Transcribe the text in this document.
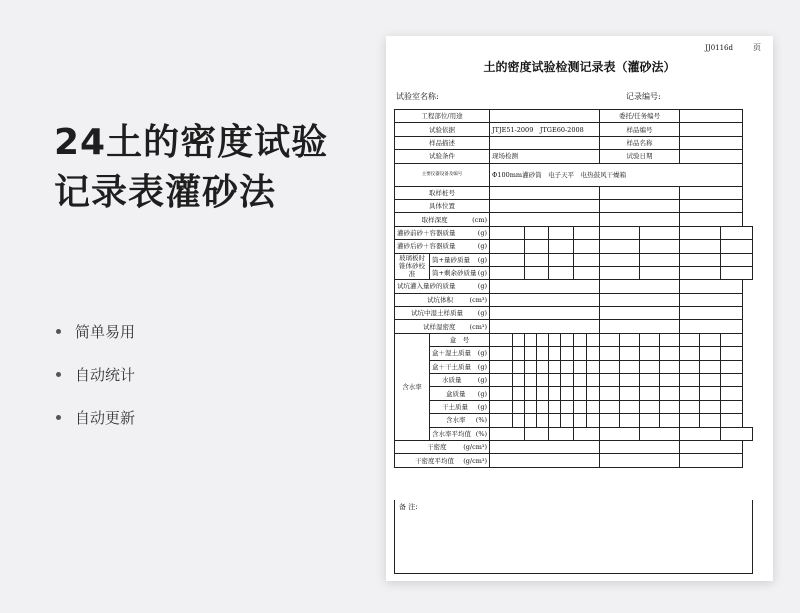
24土的密度试验
记录表灌砂法
简单易用
自动统计
自动更新
JJ0116d	页
土的密度试验检测记录表（灌砂法）
试验室名称:	记录编号:
工程部位/用途										委托/任务编号						
试验依据		JTJE51-2009　JTGE60-2008								样品编号						
样品描述										样品名称						
试验条件		现场检测								试验日期						
主要仪器设备及编号		Φ100mm灌砂筒　电子天平　电热鼓风干燥箱														
取样桩号																
具体位置																
取样深度 (cm)																

灌砂前砂＋容器质量 (g)																

灌砂后砂＋容器质量 (g)																

玻璃板时锥体砂校准	筒+量砂质量 (g)															

	筒+剩余砂质量 (g)															

试坑灌入量砂的质量 (g)																

试坑体积 (cm³)																

试坑中湿土样质量 (g)																

试样湿密度 (cm³)																

含水率	盒　号															
	盒＋湿土质量 (g)															

	盒＋干土质量 (g)															

	水质量 (g)															

	盒质量 (g)															

	干土质量 (g)															

	含水率 (%)															

	含水率平均值 (%)															

干密度 (g/cm³)																

干密度平均值 (g/cm³)																

备 注:
